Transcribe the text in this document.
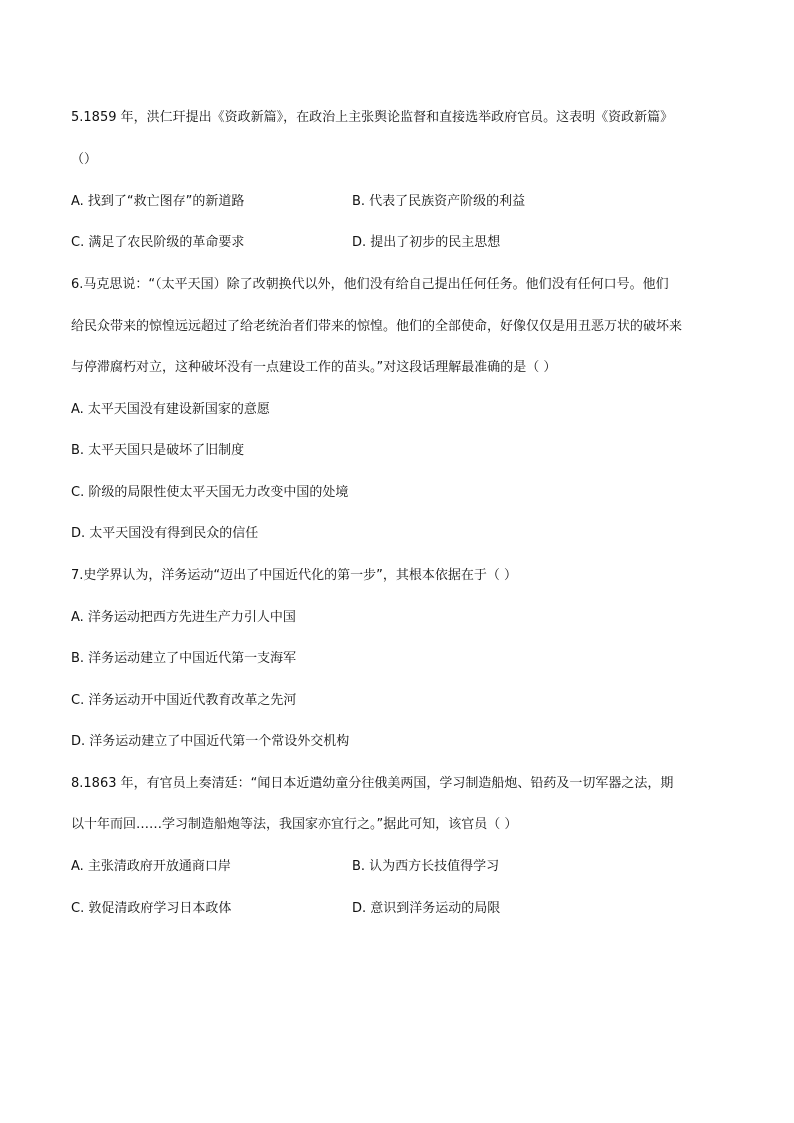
5.1859 年，洪仁玕提出《资政新篇》，在政治上主张舆论监督和直接选举政府官员。这表明《资政新篇》
（）
A. 找到了“救亡图存”的新道路	B. 代表了民族资产阶级的利益
C. 满足了农民阶级的革命要求	D. 提出了初步的民主思想
6.马克思说：“（太平天国）除了改朝换代以外，他们没有给自己提出任何任务。他们没有任何口号。他们
给民众带来的惊惶远远超过了给老统治者们带来的惊惶。他们的全部使命，好像仅仅是用丑恶万状的破坏来
与停滞腐朽对立，这种破坏没有一点建设工作的苗头。”对这段话理解最准确的是（ ）
A. 太平天国没有建设新国家的意愿
B. 太平天国只是破坏了旧制度
C. 阶级的局限性使太平天国无力改变中国的处境
D. 太平天国没有得到民众的信任
7.史学界认为，洋务运动“迈出了中国近代化的第一步”，其根本依据在于（ ）
A. 洋务运动把西方先进生产力引人中国
B. 洋务运动建立了中国近代第一支海军
C. 洋务运动开中国近代教育改革之先河
D. 洋务运动建立了中国近代第一个常设外交机构
8.1863 年，有官员上奏清廷：“闻日本近遣幼童分往俄美两国，学习制造船炮、铅药及一切军器之法，期
以十年而回……学习制造船炮等法，我国家亦宜行之。”据此可知，该官员（ ）
A. 主张清政府开放通商口岸	B. 认为西方长技值得学习
C. 敦促清政府学习日本政体	D. 意识到洋务运动的局限
